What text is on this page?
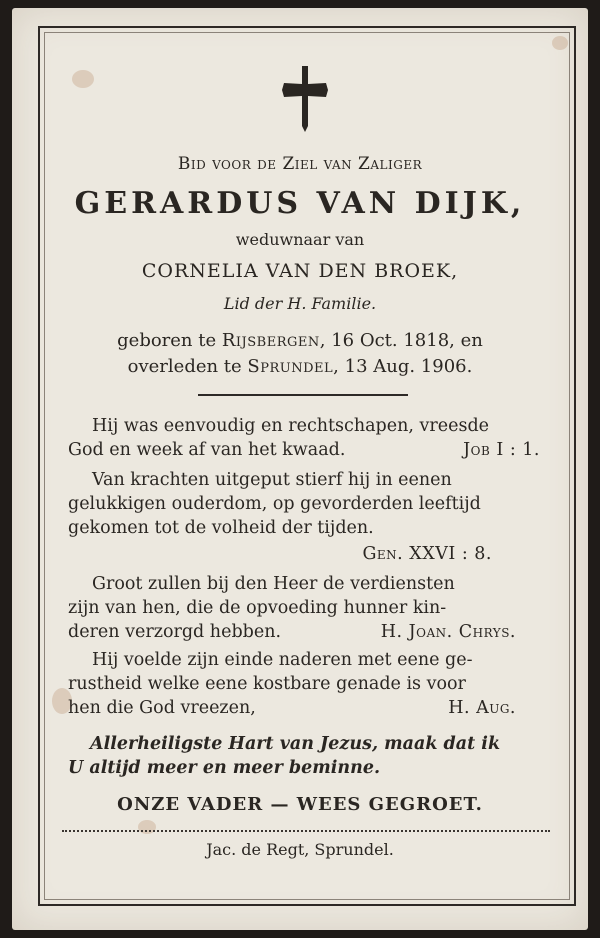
Bid voor de Ziel van Zaliger
GERARDUS VAN DIJK,
weduwnaar van
CORNELIA VAN DEN BROEK,
Lid der H. Familie.
geboren te Rijsbergen, 16 Oct. 1818, en
overleden te Sprundel, 13 Aug. 1906.
Hij was eenvoudig en rechtschapen, vreesde
God en week af van het kwaad.	Job I : 1.
Van krachten uitgeput stierf hij in eenen
gelukkigen ouderdom, op gevorderden leeftijd
gekomen tot de volheid der tijden.
Gen. XXVI : 8.
Groot zullen bij den Heer de verdiensten
zijn van hen, die de opvoeding hunner kin-
deren verzorgd hebben.	H. Joan. Chrys.
Hij voelde zijn einde naderen met eene ge-
rustheid welke eene kostbare genade is voor
hen die God vreezen,	H. Aug.
Allerheiligste Hart van Jezus, maak dat ik
U altijd meer en meer beminne.
ONZE VADER — WEES GEGROET.
Jac. de Regt, Sprundel.
